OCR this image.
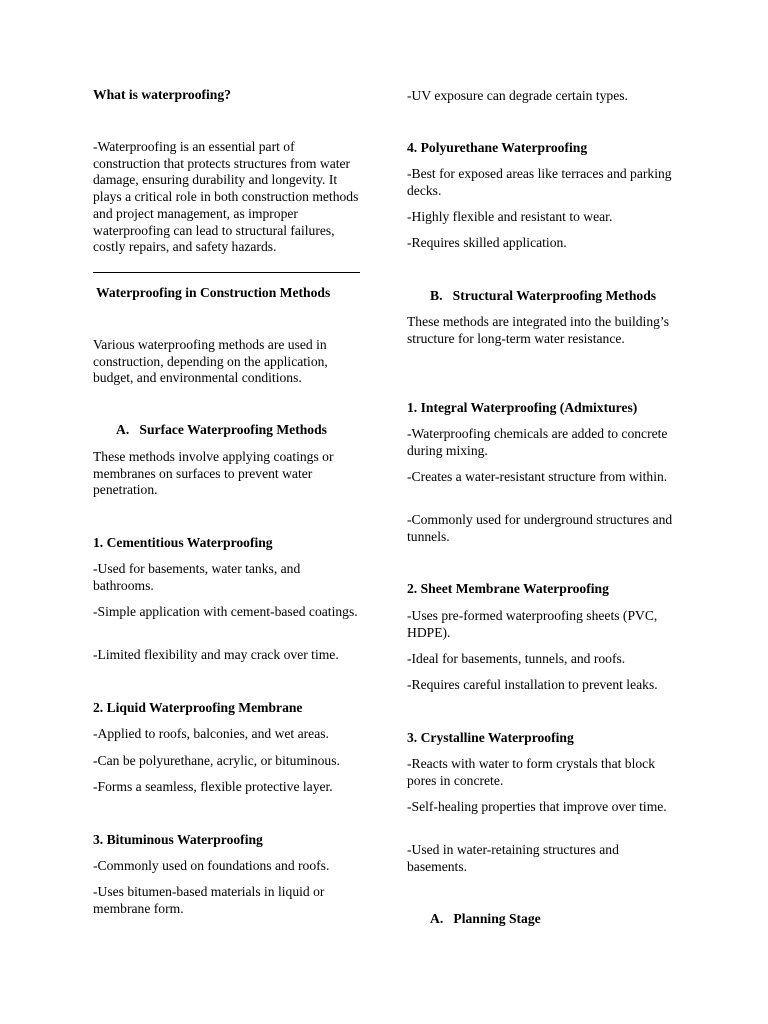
What is waterproofing?

-Waterproofing is an essential part of construction that protects structures from water damage, ensuring durability and longevity. It plays a critical role in both construction methods and project management, as improper waterproofing can lead to structural failures, costly repairs, and safety hazards.

Waterproofing in Construction Methods

Various waterproofing methods are used in construction, depending on the application, budget, and environmental conditions.

A. Surface Waterproofing Methods

These methods involve applying coatings or membranes on surfaces to prevent water penetration.

1. Cementitious Waterproofing

-Used for basements, water tanks, and bathrooms.

-Simple application with cement-based coatings.

-Limited flexibility and may crack over time.

2. Liquid Waterproofing Membrane

-Applied to roofs, balconies, and wet areas.

-Can be polyurethane, acrylic, or bituminous.

-Forms a seamless, flexible protective layer.

3. Bituminous Waterproofing

-Commonly used on foundations and roofs.

-Uses bitumen-based materials in liquid or membrane form.

-UV exposure can degrade certain types.

4. Polyurethane Waterproofing

-Best for exposed areas like terraces and parking decks.

-Highly flexible and resistant to wear.

-Requires skilled application.

B. Structural Waterproofing Methods

These methods are integrated into the building’s structure for long-term water resistance.

1. Integral Waterproofing (Admixtures)

-Waterproofing chemicals are added to concrete during mixing.

-Creates a water-resistant structure from within.

-Commonly used for underground structures and tunnels.

2. Sheet Membrane Waterproofing

-Uses pre-formed waterproofing sheets (PVC, HDPE).

-Ideal for basements, tunnels, and roofs.

-Requires careful installation to prevent leaks.

3. Crystalline Waterproofing

-Reacts with water to form crystals that block pores in concrete.

-Self-healing properties that improve over time.

-Used in water-retaining structures and basements.

A. Planning Stage
